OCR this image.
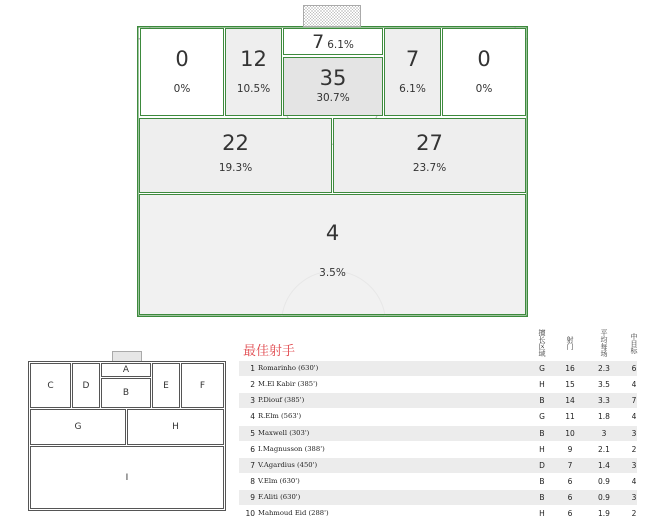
0
0%
12
10.5%
7 6.1%
35
30.7%
7
6.1%
0
0%
22
19.3%
27
23.7%
4
3.5%
C	D
A
B
E	F
G	H
I
最佳射手	擅长区域	射门	平均每场	中目标
1 Romarinho (630')	G	16	2.3	6
2 M.El Kabir (385')	H	15	3.5	4
3 P.Diouf (385')	B	14	3.3	7
4 R.Elm (563')	G	11	1.8	4
5 Maxwell (303')	B	10	3	3
6 I.Magnusson (388')	H	9	2.1	2
7 V.Agardius (450')	D	7	1.4	3
8 V.Elm (630')	B	6	0.9	4
9 F.Aliti (630')	B	6	0.9	3
10 Mahmoud Eid (288')	H	6	1.9	2
